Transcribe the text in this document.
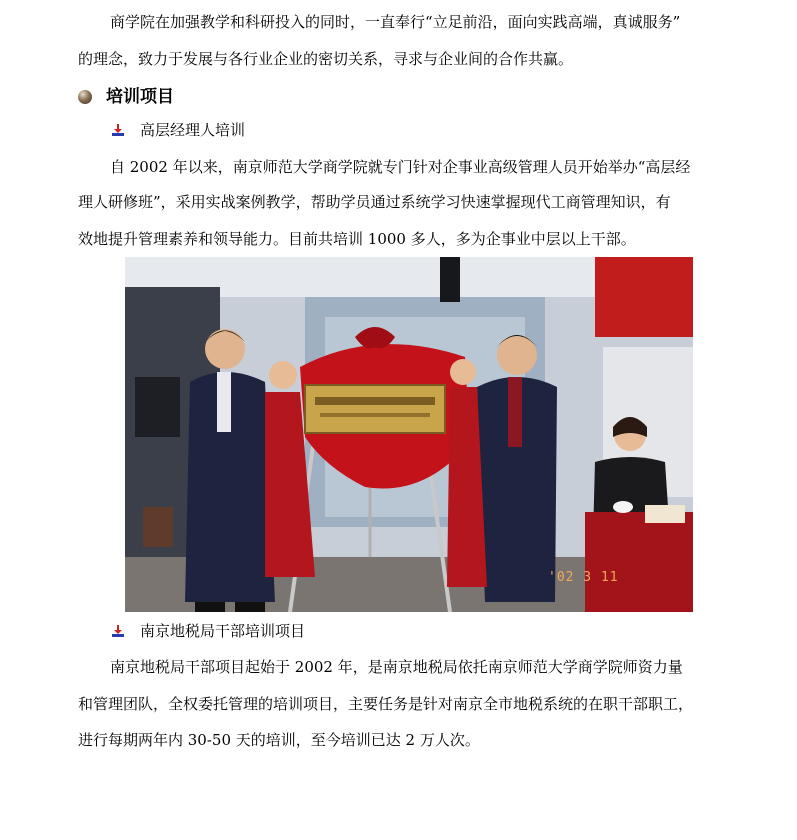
商学院在加强教学和科研投入的同时，一直奉行“立足前沿，面向实践高端，真诚服务”
的理念，致力于发展与各行业企业的密切关系，寻求与企业间的合作共赢。
培训项目
高层经理人培训
自 2002 年以来，南京师范大学商学院就专门针对企事业高级管理人员开始举办“高层经
理人研修班”，采用实战案例教学，帮助学员通过系统学习快速掌握现代工商管理知识，有
效地提升管理素养和领导能力。目前共培训 1000 多人，多为企事业中层以上干部。
'02 3 11
南京地税局干部培训项目
南京地税局干部项目起始于 2002 年，是南京地税局依托南京师范大学商学院师资力量
和管理团队，全权委托管理的培训项目，主要任务是针对南京全市地税系统的在职干部职工，
进行每期两年内 30-50 天的培训，至今培训已达 2 万人次。
